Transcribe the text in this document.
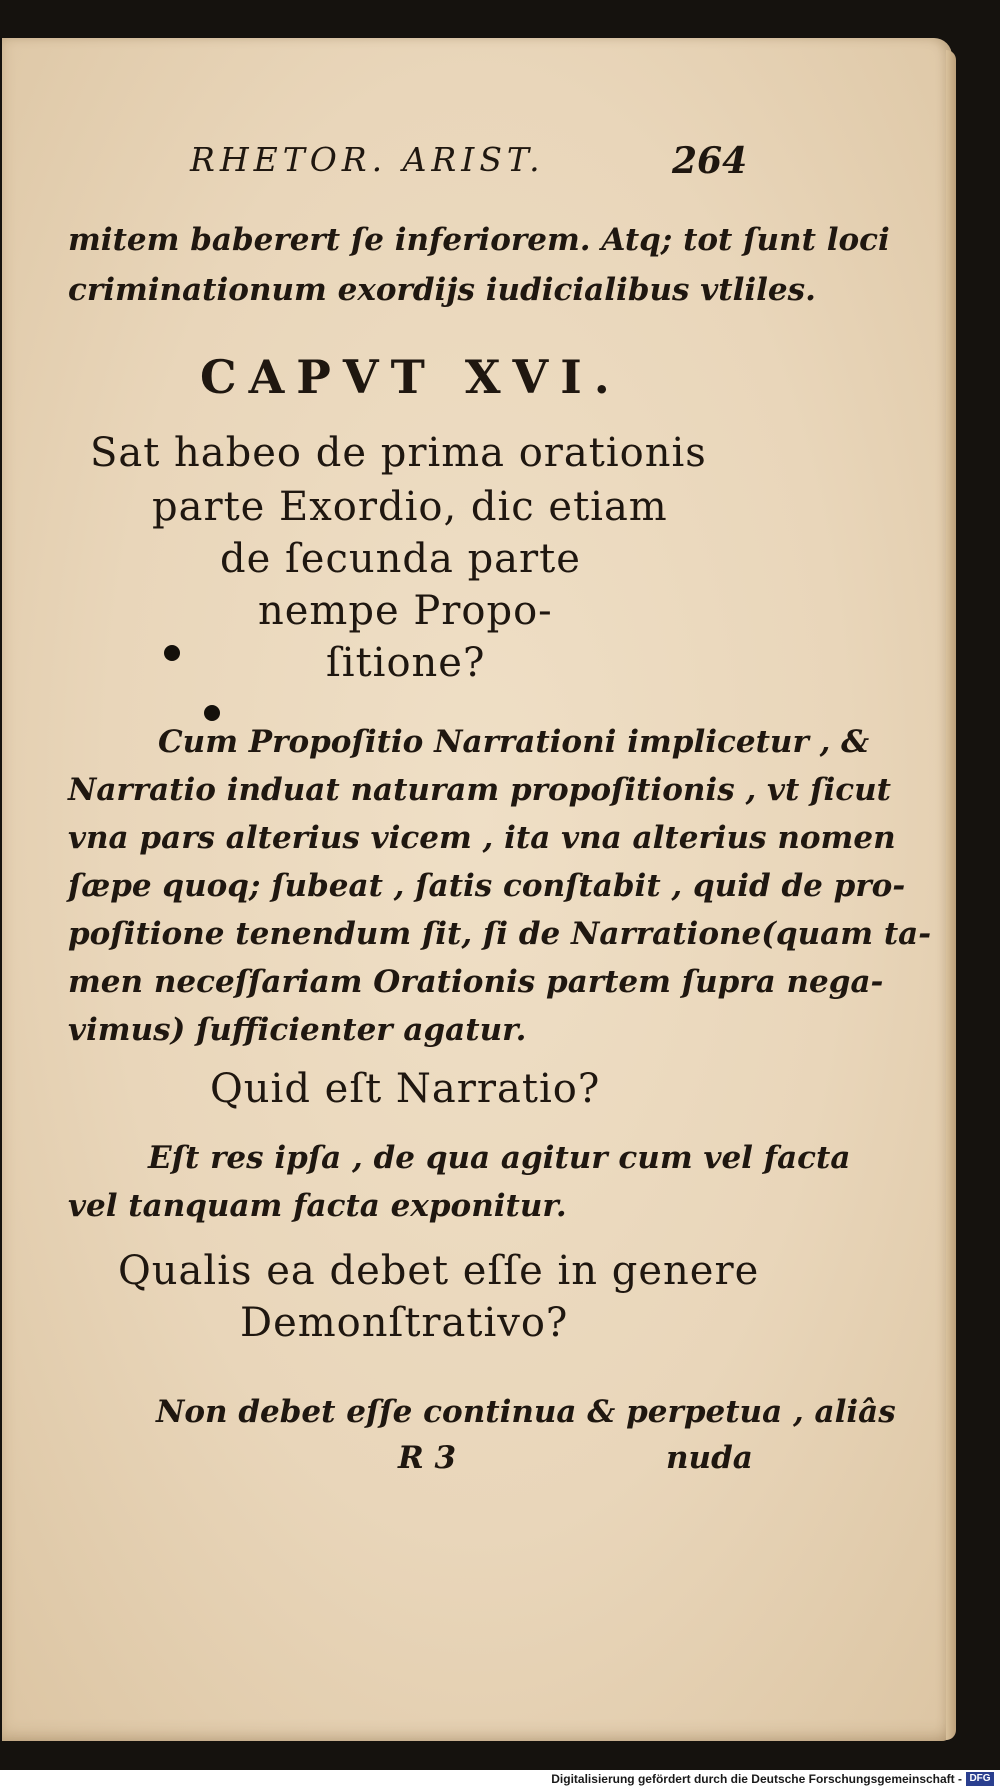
RHETOR. ARIST.	264
mitem baberert ſe inferiorem. Atq; tot ſunt loci
criminationum exordijs iudicialibus vtliles.
CAPVT XVI.
Sat habeo de prima orationis
parte Exordio, dic etiam
de ſecunda parte
nempe Propo-
ſitione?
Cum Propoſitio Narrationi implicetur , &
Narratio induat naturam propoſitionis , vt ſicut
vna pars alterius vicem , ita vna alterius nomen
ſæpe quoq; ſubeat , ſatis conſtabit , quid de pro-
poſitione tenendum ſit, ſi de Narratione(quam ta-
men neceſſariam Orationis partem ſupra nega-
vimus) ſufficienter agatur.
Quid eſt Narratio?
Eſt res ipſa , de qua agitur cum vel facta
vel tanquam facta exponitur.
Qualis ea debet eſſe in genere
Demonſtrativo?
Non debet eſſe continua & perpetua , aliâs
R 3	nuda
Digitalisierung gefördert durch die Deutsche Forschungsgemeinschaft - DFG
